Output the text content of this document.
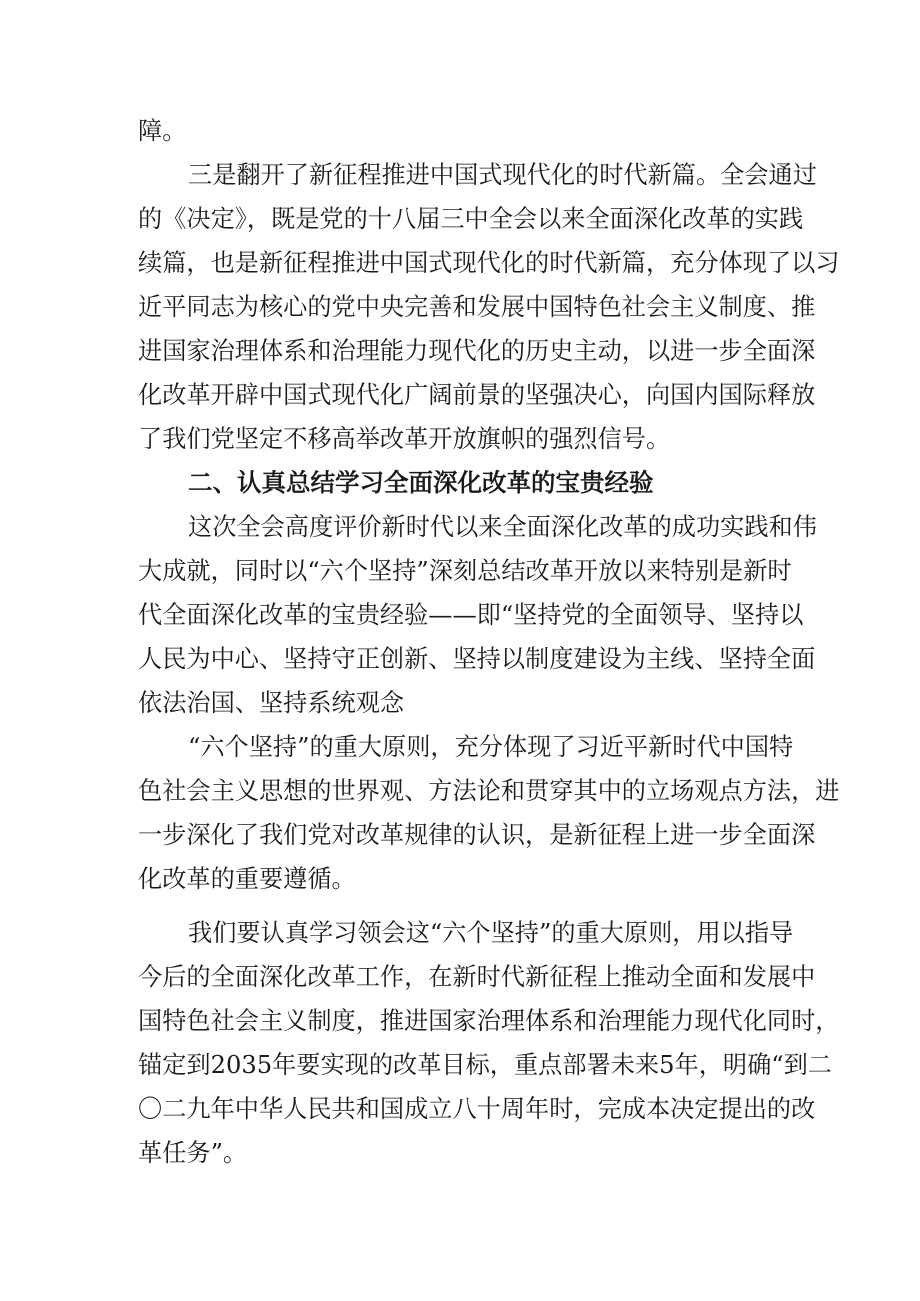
障。
三是翻开了新征程推进中国式现代化的时代新篇。全会通过
的《决定》，既是党的十八届三中全会以来全面深化改革的实践
续篇，也是新征程推进中国式现代化的时代新篇，充分体现了以习
近平同志为核心的党中央完善和发展中国特色社会主义制度、推
进国家治理体系和治理能力现代化的历史主动，以进一步全面深
化改革开辟中国式现代化广阔前景的坚强决心，向国内国际释放
了我们党坚定不移高举改革开放旗帜的强烈信号。
二、认真总结学习全面深化改革的宝贵经验
这次全会高度评价新时代以来全面深化改革的成功实践和伟
大成就，同时以“六个坚持”深刻总结改革开放以来特别是新时
代全面深化改革的宝贵经验——即“坚持党的全面领导、坚持以
人民为中心、坚持守正创新、坚持以制度建设为主线、坚持全面
依法治国、坚持系统观念
“六个坚持”的重大原则，充分体现了习近平新时代中国特
色社会主义思想的世界观、方法论和贯穿其中的立场观点方法，进
一步深化了我们党对改革规律的认识，是新征程上进一步全面深
化改革的重要遵循。
我们要认真学习领会这“六个坚持”的重大原则，用以指导
今后的全面深化改革工作，在新时代新征程上推动全面和发展中
国特色社会主义制度，推进国家治理体系和治理能力现代化同时，
锚定到2035年要实现的改革目标，重点部署未来5年，明确“到二
〇二九年中华人民共和国成立八十周年时，完成本决定提出的改
革任务”。
